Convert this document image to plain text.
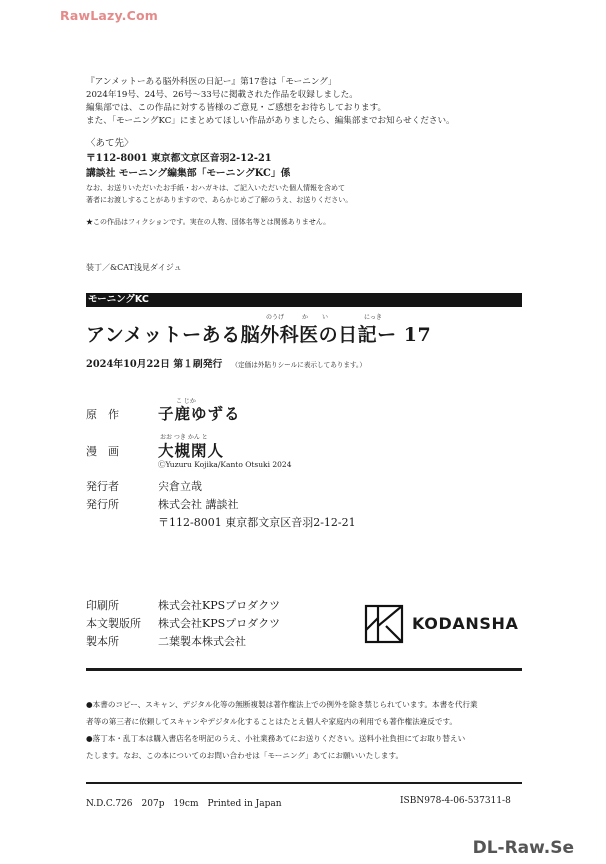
RawLazy.Com
『アンメットーある脳外科医の日記ー』第17巻は「モーニング」
2024年19号、24号、26号〜33号に掲載された作品を収録しました。
編集部では、この作品に対する皆様のご意見・ご感想をお待ちしております。
また、「モーニングKC」にまとめてほしい作品がありましたら、編集部までお知らせください。
〈あて先〉
〒112-8001 東京都文京区音羽2-12-21
講談社 モーニング編集部「モーニングKC」係
なお、お送りいただいたお手紙・おハガキは、ご記入いただいた個人情報を含めて
著者にお渡しすることがありますので、あらかじめご了解のうえ、お送りください。
★この作品はフィクションです。実在の人物、団体名等とは関係ありません。
装丁／&CAT浅見ダイジュ
モーニングKC
のうげ	か い	にっき
アンメットーある脳外科医の日記ー 17
2024年10月22日 第１刷発行 （定価は外貼りシールに表示してあります。）
こ じか
原　作	子鹿ゆずる
おお つき かん と
漫　画	大槻閑人
ⒸYuzuru Kojika/Kanto Otsuki 2024
発行者	宍倉立哉
発行所	株式会社 講談社
〒112-8001 東京都文京区音羽2-12-21
印刷所	株式会社KPSプロダクツ
本文製版所 株式会社KPSプロダクツ
製本所	二葉製本株式会社
KODANSHA
●本書のコピー、スキャン、デジタル化等の無断複製は著作権法上での例外を除き禁じられています。本書を代行業
者等の第三者に依頼してスキャンやデジタル化することはたとえ個人や家庭内の利用でも著作権法違反です。
●落丁本・乱丁本は購入書店名を明記のうえ、小社業務あてにお送りください。送料小社負担にてお取り替えい
たします。なお、この本についてのお問い合わせは「モーニング」あてにお願いいたします。
N.D.C.726　207p　19cm　Printed in Japan	ISBN978-4-06-537311-8
DL-Raw.Se
